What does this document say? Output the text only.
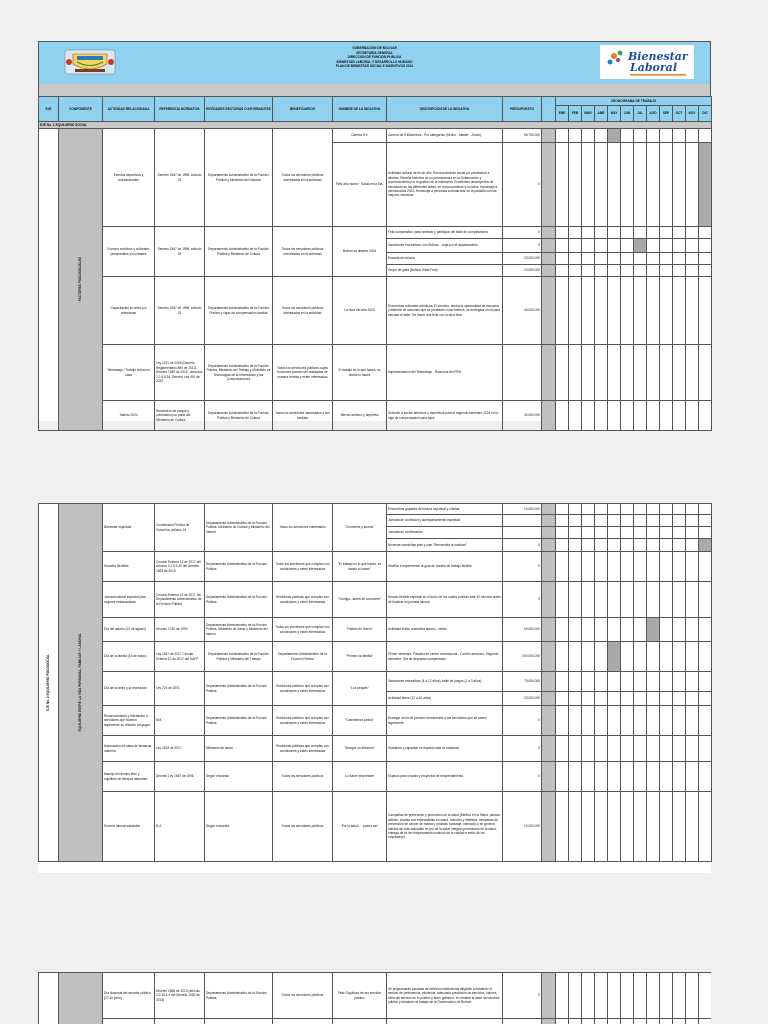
GOBERNACION DE BOLIVAR
SECRETARIA GENERAL
DIRECCION DE FUNCION PUBLICA
BIENESTAR LABORAL Y DESARROLLO HUMANO
PLAN DE BIENESTAR SOCIAL E INCENTIVOS 2024
Bienestar
Laboral
EJE	COMPONENTE	ACTIVIDAD RELACIONADA	REFERENCIA NORMATIVA	ENTIDADES RECTORAS O INFORMANTES	BENEFICIARIOS	NOMBRE DE LA INICIATIVA	DESCRIPCIÓN DE LA INICIATIVA	PRESUPUESTO		CRONOGRAMA DE TRABAJO											
										ENE	FEB	MAR	ABR	MAY	JUN	JUL	AGO	SEP	OCT	NOV	DIC
EJE No. 1 EQUILIBRIO SOCIAL																					

	FACTORES PSICOSOCIALES	Eventos deportivos y recreacionales	Decreto 1567 de 1998, artículo 23	Departamento Administrativo de la Función Pública y Ministerio del Deporte	Todos los servidores públicos interesados en la actividad	Carrera 6 K	Carrera de 5 kilómetros - Por categorías (Senior - Master - Junior)	96.750.000													
						Feliz año nuevo · Salud en la 6ta.	Actividad cultural de fin de año. Reconocimiento social y/o premiación a labores. Reseña histórica de su permanencia en la Gobernación y reconocimiento por la gestión de la institución. Excelentes desempeños de servidores en las diferentes áreas, en reconocimiento a su labor. Homenaje a pensionados 2024. Homenaje a personas a desarrollar en la pantalla con las mejores vivencias.	0													
		Eventos artísticos y culturales presenciales y/o virtuales	Decreto 1567 de 1998, artículo 23	Departamento Administrativo de la Función Pública y Ministerio de Cultura	Todos los servidores públicos interesados en la actividad	Bolívar se divierte 2024	Feliz cumpleaños: para celebrar y participar del baile de cumpleañeros	0													
							Vacaciones recreativas: con Bolívar... viaja por el departamento	0													
							Escuela de música	20.000.000													
							Grupo de gaita (Bolívar Gaita Fest)	20.000.000													
		Capacitación en artes y/o artesanías	Decreto 1567 de 1998, artículo 23	Departamento Administrativo de la Función Pública y cajas de compensación familiar	Todos los servidores públicos interesados en la actividad	La hora del arte 2024	Encuentros culturales artísticos: El servidor, tendrá la oportunidad de escuchar y disfrutar de sesiones que se prestarán como talleres, se entregará un kit para ejecutar el taller. De hacer una feria con la obra final.	30.000.000													
		Teletrabajo / Trabajo virtual en casa	Ley 1221 de 2008 (Decreto Reglamentario 884 de 2012). Decreto 1083 de 2015 - artículos 2.2.5.5.54. Decreto Ley 491 de 2020	Departamento Administrativo de la Función Pública, Ministerio del Trabajo y Ministerio de Tecnologías de la Información y las Comunicaciones	Todos los servidores públicos cuyas funciones puedan ser realizadas de manera remota y estén interesados	El trabajo en lo que haces, es donde lo haces	Implementación del Teletrabajo - Recursos del PEB														
		Talento 2024	Resolución de juegos y premiación por parte del Ministerio de Cultura	Departamento Administrativo de la Función Pública y Ministerio de Cultura	Todos los servidores interesados y sus familias	Talento artístico y deportivo	Subsidio a socios artísticos y deportivos para el segundo semestre 2024 en la caja de compensación para hijos	40.000.000													
EJE No. 2 EQUILIBRIO PSICOSOCIAL	EQUILIBRIO ENTRE LA VIDA PERSONAL, FAMILIAR Y LABORAL	Bienestar espiritual	Constitución Política de Colombia, artículo 19	Departamento Administrativo de la Función Pública, Ministerio de Cultura y Ministerio del Interior	Todos los servidores interesados	"Crecemos y somos"	Encuentros grupales de lectura espiritual y charlas	10.000.000													
							Jornada de confesión y acompañamiento espiritual														
							Jornada de confirmación														
							Novenas navideñas plan y plan "Bienvenida la navidad"	0													
		Horarios flexibles	Circular Externa 12 de 2017 del Artículo 2.2.5.3.40 del Decreto 1083 de 2015	Departamento Administrativo de la Función Pública	Todos los servidores que cumplan con condiciones y estén interesados	"El trabajo en lo que haces, es donde lo haces"	Diseñar e implementar la guía de horario de trabajo flexible	0													
		Jornada laboral especial para mujeres embarazadas	Circular Externa 12 de 2017 del Departamento Administrativo de la Función Pública	Departamento Administrativo de la Función Pública	Servidoras públicas que cumplan con condiciones y estén interesadas	"Contigo...antes de conocerte"	Horario flexible especial en el turno de los cuales puedan salir 30 minutos antes de finalizar su jornada laboral	0													
		Día del abuelo (15 de agosto)	Decreto 1740 de 1990	Departamento Administrativo de la Función Pública, Ministerio de Salud y Ministerio del Interior	Todos los servidores que cumplan con condiciones y estén interesados	"Padres de nuevo"	Actividad lúdico recreativa abuelo - nietos	60.000.000													
		Día de la familia (15 de mayo)	Ley 1857 de 2017 Circular Externa 12 de 2017 del DAFP	Departamento Administrativo de la Función Pública y Ministerio del Trabajo	Departamento Administrativo de la Función Pública	"Primero la familia"	Primer semestre: Pasadía en centro recreacional - Cordón amoroso, Segundo semestre: Día de descanso compensado	200.000.000													
		Día de la niñez y la recreación	Ley 724 de 2001	Departamento Administrativo de la Función Pública	Servidores públicos que cumplan con condiciones y estén interesados	"Los peques"	Vacaciones recreativas (4 a 12 años), baile de juegos (1 a 3 años)	75.000.000													
							Actividad teens (12 a 16 años)	20.000.000													
		Reconocimiento y felicitación a servidores que hicieron legalmente su relación conyugal	N/A	Departamento Administrativo de la Función Pública	Servidores públicos que cumplan con condiciones y estén interesados	"Caminemos juntos"	Entregar un kit de permiso remunerado a los servidores que se casen legalmente	0													
		Adecuación de salas de lactancia materna	Ley 1823 de 2017	Ministerio de salud	Servidoras públicas que cumplan con condiciones y estén interesadas	"Marque un alimento"	Socializar y capacitar en espacio sala de lactancia	0													
		Manejo del tiempo libre y equilibrio de tiempos laborales	Decreto Ley 1567 de 1998	Según encuesta	Todos los servidores públicos	Lo Saber emprender	Espacio para charlas y proyectos de emprendimiento	0													
		Entorno laboral saludable	N.A	Según encuesta	Todos los servidores públicos	"Por la salud ... podría ser"	Campañas de prevención y promoción de la salud (Medico en la Salud, pausas activas, charlas con especialistas en salud, nutrición y dietética, campañas de prevención de cáncer de mama y próstata, tamizaje, mercado) y en general hábitos de vida saludable en pro de la salud integral (promotores de la salud, entrega de kit del mejoramiento continuo de la calidad e estilo de los empleados).	10.000.000													
		Día Nacional del servidor público (27 de junio)	Decreto 2865 de 2013 (artículo 2.2.15.1.4 del Decreto 1083 de 2015)	Departamento Administrativo de la Función Pública	Todos los servidores públicos	Feliz Orgulloso de ser servidor público	Se programarán jornadas de reflexión institucional dirigidas a fortalecer el sentido de pertenencia, eficiencia, adecuado prestación de servicios, valores, ética del servicio en lo público y buen gobierno, en resaltar la labor del servidor público y fortalecer el trabajo de la Gobernación de Bolívar.	0													
